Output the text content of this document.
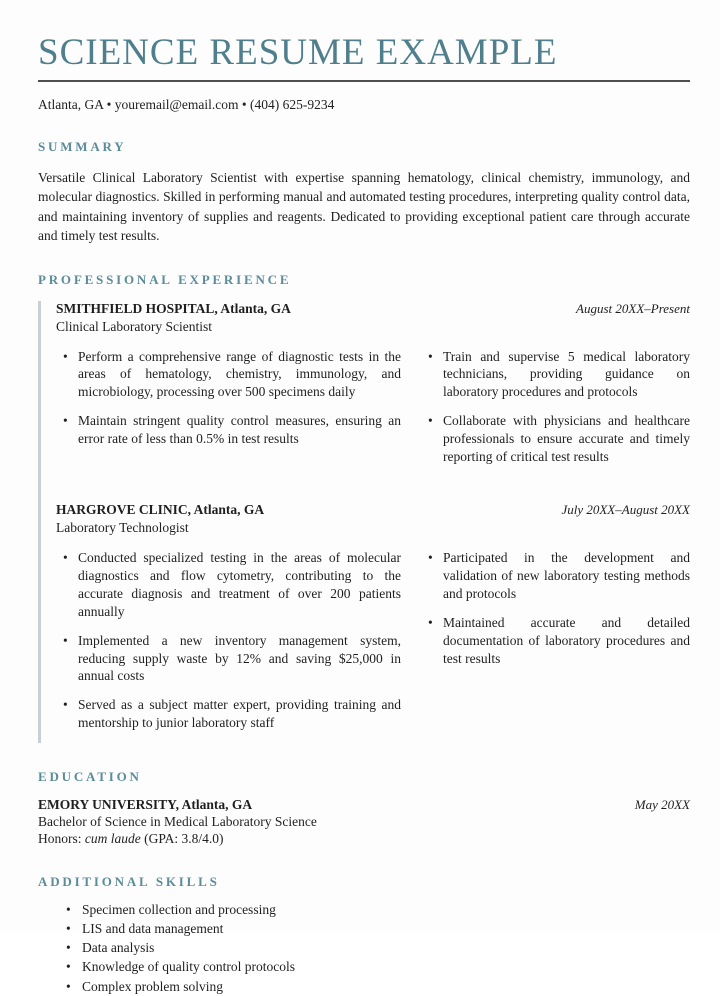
SCIENCE RESUME EXAMPLE
Atlanta, GA • youremail@email.com • (404) 625-9234
SUMMARY

Versatile Clinical Laboratory Scientist with expertise spanning hematology, clinical chemistry, immunology, and molecular diagnostics. Skilled in performing manual and automated testing procedures, interpreting quality control data, and maintaining inventory of supplies and reagents. Dedicated to providing exceptional patient care through accurate and timely test results.

PROFESSIONAL EXPERIENCE
SMITHFIELD HOSPITAL, Atlanta, GA	August 20XX–Present
Clinical Laboratory Scientist
• Perform a comprehensive range of diagnostic tests in the areas of hematology, chemistry, immunology, and microbiology, processing over 500 specimens daily
• Maintain stringent quality control measures, ensuring an error rate of less than 0.5% in test results
• Train and supervise 5 medical laboratory technicians, providing guidance on laboratory procedures and protocols
• Collaborate with physicians and healthcare professionals to ensure accurate and timely reporting of critical test results
HARGROVE CLINIC, Atlanta, GA	July 20XX–August 20XX
Laboratory Technologist
• Conducted specialized testing in the areas of molecular diagnostics and flow cytometry, contributing to the accurate diagnosis and treatment of over 200 patients annually
• Implemented a new inventory management system, reducing supply waste by 12% and saving $25,000 in annual costs
• Served as a subject matter expert, providing training and mentorship to junior laboratory staff
• Participated in the development and validation of new laboratory testing methods and protocols
• Maintained accurate and detailed documentation of laboratory procedures and test results
EDUCATION
EMORY UNIVERSITY, Atlanta, GA	May 20XX
Bachelor of Science in Medical Laboratory Science
Honors: cum laude (GPA: 3.8/4.0)
ADDITIONAL SKILLS
• Specimen collection and processing
• LIS and data management
• Data analysis
• Knowledge of quality control protocols
• Complex problem solving
